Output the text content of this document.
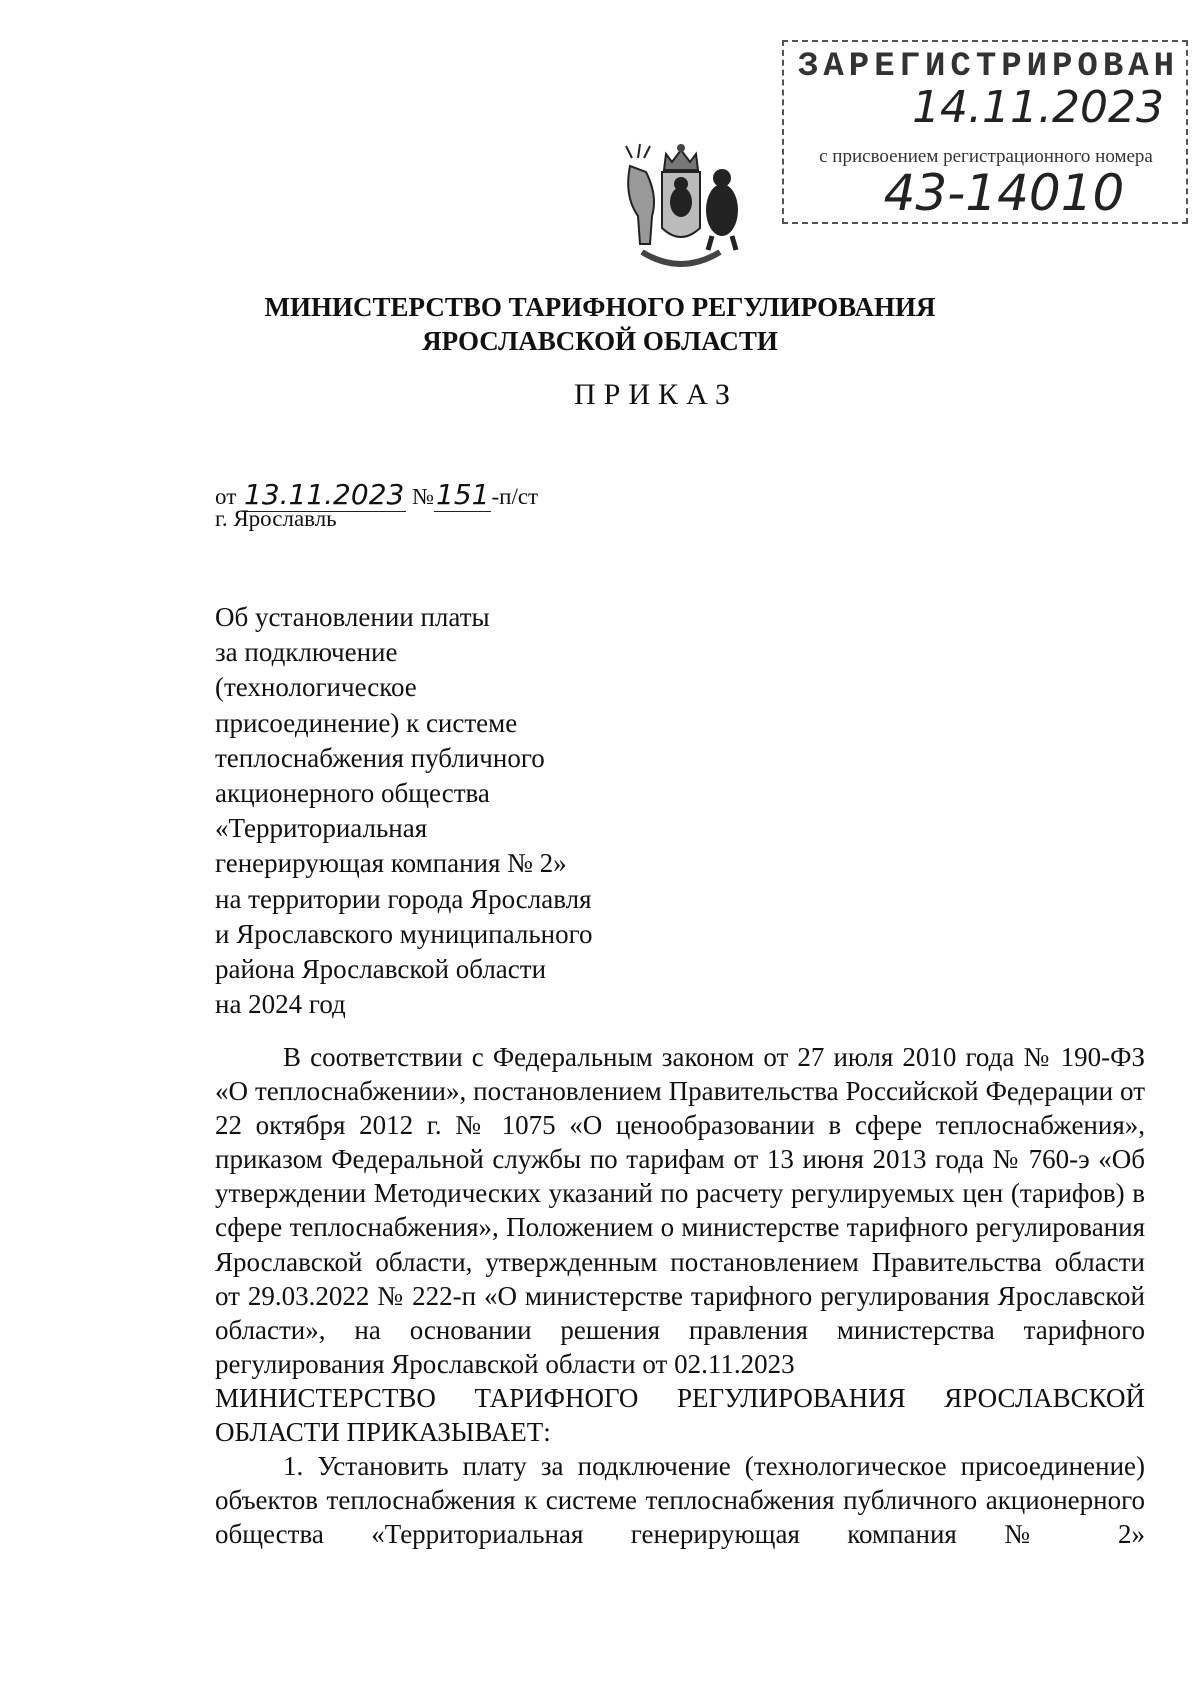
ЗАРЕГИСТРИРОВАН
14.11.2023
с присвоением регистрационного номера
43-14010
МИНИСТЕРСТВО ТАРИФНОГО РЕГУЛИРОВАНИЯ
ЯРОСЛАВСКОЙ ОБЛАСТИ
ПРИКАЗ
от 13.11.2023 №151-п/ст
г. Ярославль
Об установлении платы
за подключение
(технологическое
присоединение) к системе
теплоснабжения публичного
акционерного общества
«Территориальная
генерирующая компания № 2»
на территории города Ярославля
и Ярославского муниципального
района Ярославской области
на 2024 год

В соответствии с Федеральным законом от 27 июля 2010 года № 190-ФЗ «О теплоснабжении», постановлением Правительства Российской Федерации от 22 октября 2012 г. № 1075 «О ценообразовании в сфере теплоснабжения», приказом Федеральной службы по тарифам от 13 июня 2013 года № 760-э «Об утверждении Методических указаний по расчету регулируемых цен (тарифов) в сфере теплоснабжения», Положением о министерстве тарифного регулирования Ярославской области, утвержденным постановлением Правительства области от 29.03.2022 № 222-п «О министерстве тарифного регулирования Ярославской области», на основании решения правления министерства тарифного регулирования Ярославской области от 02.11.2023

МИНИСТЕРСТВО ТАРИФНОГО РЕГУЛИРОВАНИЯ ЯРОСЛАВСКОЙ ОБЛАСТИ ПРИКАЗЫВАЕТ:

1. Установить плату за подключение (технологическое присоединение) объектов теплоснабжения к системе теплоснабжения публичного акционерного общества «Территориальная генерирующая компания № 2»
